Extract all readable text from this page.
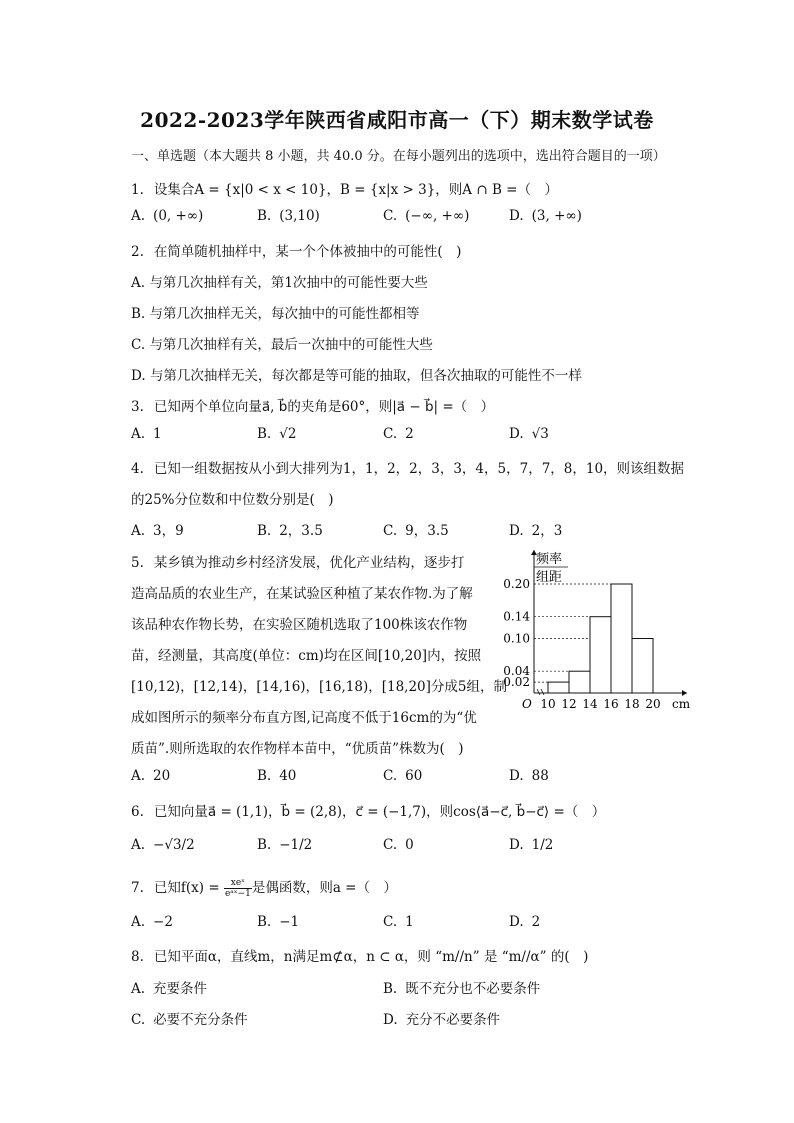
2022-2023学年陕西省咸阳市高一（下）期末数学试卷
一、单选题（本大题共 8 小题，共 40.0 分。在每小题列出的选项中，选出符合题目的一项）
1. 设集合A = {x|0 < x < 10}，B = {x|x > 3}，则A ∩ B =（　）
A. (0, +∞)	B. (3,10)	C. (−∞, +∞)	D. (3, +∞)
2. 在简单随机抽样中，某一个个体被抽中的可能性(　)
A. 与第几次抽样有关，第1次抽中的可能性要大些
B. 与第几次抽样无关，每次抽中的可能性都相等
C. 与第几次抽样有关，最后一次抽中的可能性大些
D. 与第几次抽样无关，每次都是等可能的抽取，但各次抽取的可能性不一样
3. 已知两个单位向量a⃗, b⃗的夹角是60°，则|a⃗ − b⃗| =（　）
A. 1	B. √2	C. 2	D. √3
4. 已知一组数据按从小到大排列为1，1，2，2，3，3，4，5，7，7，8，10，则该组数据
的25%分位数和中位数分别是(　)
A. 3，9	B. 2，3.5	C. 9，3.5	D. 2，3
5. 某乡镇为推动乡村经济发展，优化产业结构，逐步打
造高品质的农业生产，在某试验区种植了某农作物.为了解
该品种农作物长势，在实验区随机选取了100株该农作物
苗，经测量，其高度(单位：cm)均在区间[10,20]内，按照
[10,12)，[12,14)，[14,16)，[16,18)，[18,20]分成5组，制
成如图所示的频率分布直方图,记高度不低于16cm的为“优
质苗”.则所选取的农作物样本苗中，“优质苗”株数为(　)
A. 20	B. 40	C. 60	D. 88
频率
组距
0.02
0.04
0.10
0.14
0.20
10 12 14 16 18 20
O	cm
6. 已知向量a⃗ = (1,1)，b⃗ = (2,8)，c⃗ = (−1,7)，则cos⟨a⃗−c⃗, b⃗−c⃗⟩ =（　）
A. −√3/2	B. −1/2	C. 0	D. 1/2
7. 已知$f(x) = \frac{\text{xeˣ}}{\text{eᵃˣ−1}}$ 是偶函数，则a =（　）
A. −2	B. −1	C. 1	D. 2
8. 已知平面α，直线m，n满足m⊄α，n ⊂ α，则 “m//n” 是 “m//α” 的(　)
A. 充要条件	B. 既不充分也不必要条件
C. 必要不充分条件	D. 充分不必要条件
